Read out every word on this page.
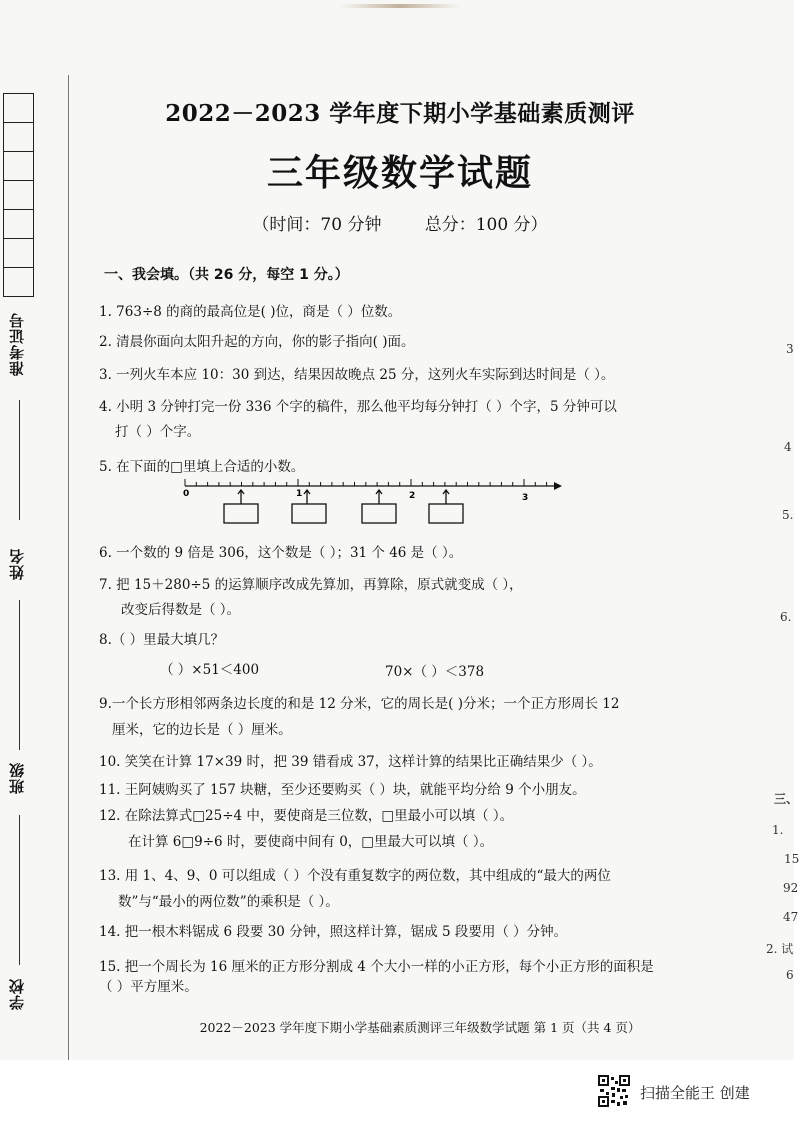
准考证号
姓名
班级
学校
2022－2023 学年度下期小学基础素质测评
三年级数学试题
（时间：70 分钟	总分：100 分）
一、我会填。（共 26 分，每空 1 分。）
1. 763÷8 的商的最高位是( )位，商是（ ）位数。
2. 清晨你面向太阳升起的方向，你的影子指向( )面。
3. 一列火车本应 10：30 到达，结果因故晚点 25 分，这列火车实际到达时间是（ ）。
4. 小明 3 分钟打完一份 336 个字的稿件，那么他平均每分钟打（ ）个字，5 分钟可以
打（ ）个字。
5. 在下面的□里填上合适的小数。
0	1	2	3
6. 一个数的 9 倍是 306，这个数是（ ）；31 个 46 是（ ）。
7. 把 15＋280÷5 的运算顺序改成先算加，再算除，原式就变成（ ），
改变后得数是（ ）。
8.（ ）里最大填几？
（ ）×51＜400	70×（ ）＜378
9.一个长方形相邻两条边长度的和是 12 分米，它的周长是( )分米；一个正方形周长 12
厘米，它的边长是（ ）厘米。
10. 笑笑在计算 17×39 时，把 39 错看成 37，这样计算的结果比正确结果少（ ）。
11. 王阿姨购买了 157 块糖，至少还要购买（ ）块，就能平均分给 9 个小朋友。
12. 在除法算式□25÷4 中，要使商是三位数，□里最小可以填（ ）。
在计算 6□9÷6 时，要使商中间有 0，□里最大可以填（ ）。
13. 用 1、4、9、0 可以组成（ ）个没有重复数字的两位数，其中组成的“最大的两位
数”与“最小的两位数”的乘积是（ ）。
14. 把一根木料锯成 6 段要 30 分钟，照这样计算，锯成 5 段要用（ ）分钟。
15. 把一个周长为 16 厘米的正方形分割成 4 个大小一样的小正方形，每个小正方形的面积是
（ ）平方厘米。
2022－2023 学年度下期小学基础素质测评三年级数学试题 第 1 页（共 4 页）
3
4
5.
6.
三、
1.
15
92
47
2. 试
6
扫描全能王 创建
